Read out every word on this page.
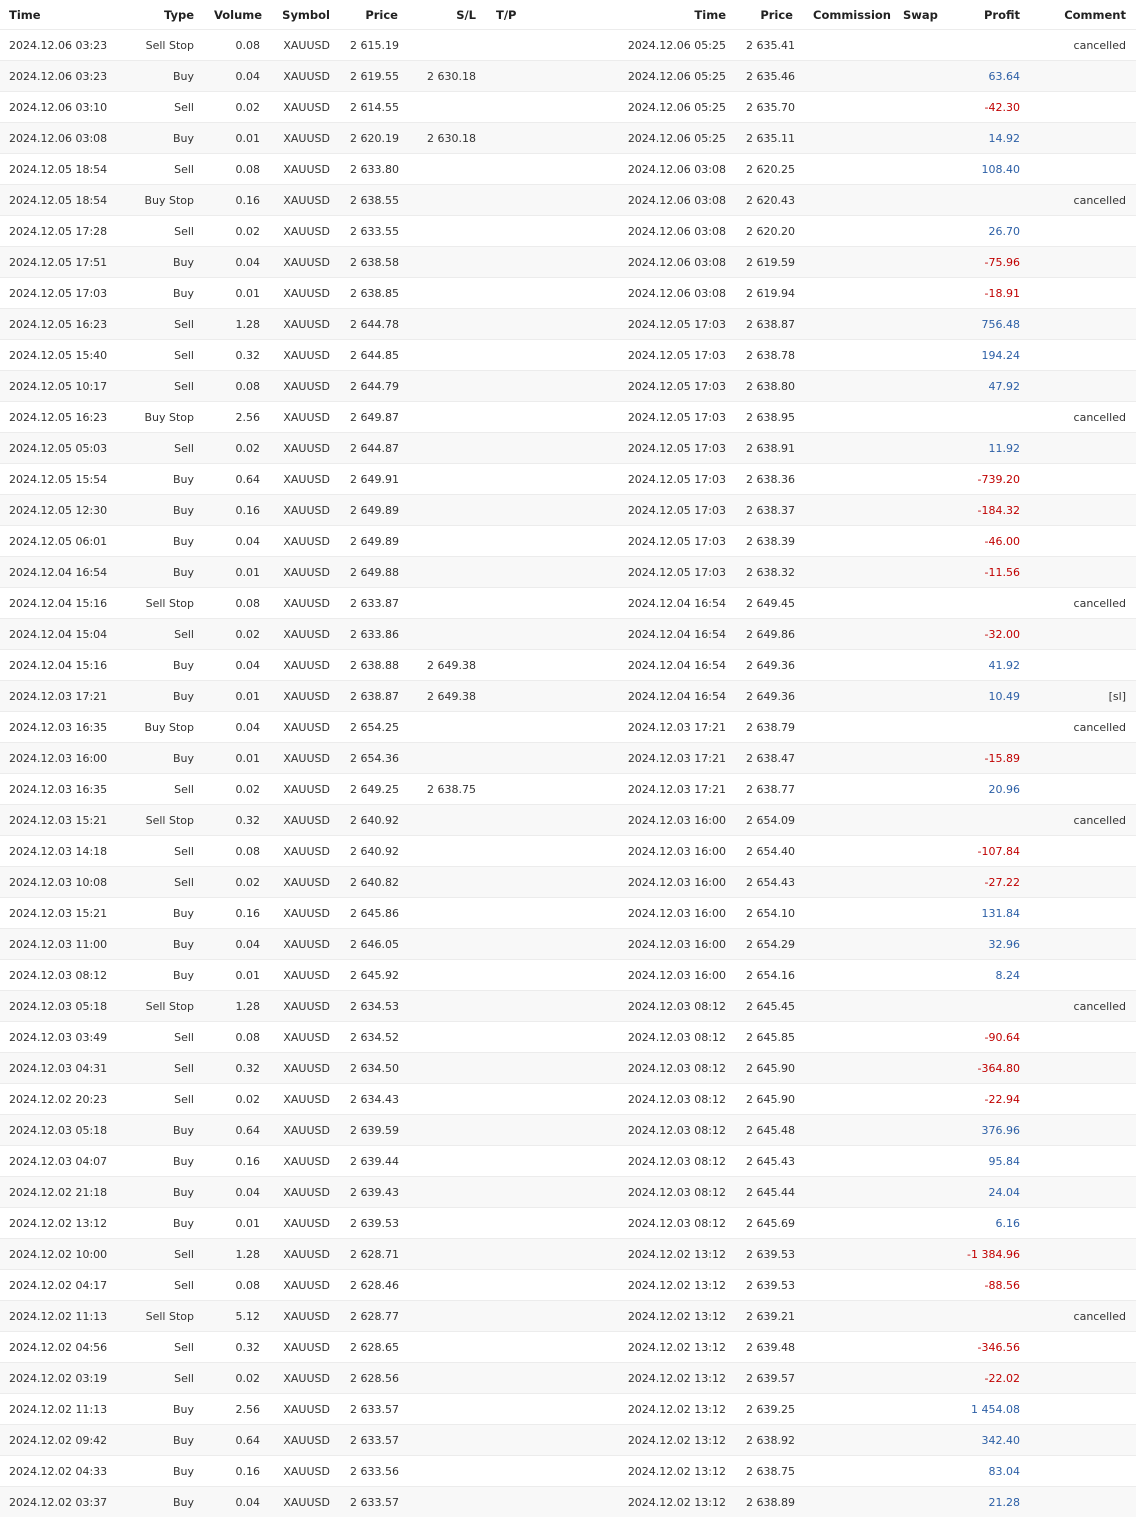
Time	Type	Volume	Symbol	Price	S/L	T/P	Time	Price	Commission	Swap	Profit	Comment
2024.12.06 03:23	Sell Stop	0.08	XAUUSD	2 615.19			2024.12.06 05:25	2 635.41				cancelled
2024.12.06 03:23	Buy	0.04	XAUUSD	2 619.55	2 630.18		2024.12.06 05:25	2 635.46			63.64	
2024.12.06 03:10	Sell	0.02	XAUUSD	2 614.55			2024.12.06 05:25	2 635.70			-42.30	
2024.12.06 03:08	Buy	0.01	XAUUSD	2 620.19	2 630.18		2024.12.06 05:25	2 635.11			14.92	
2024.12.05 18:54	Sell	0.08	XAUUSD	2 633.80			2024.12.06 03:08	2 620.25			108.40	
2024.12.05 18:54	Buy Stop	0.16	XAUUSD	2 638.55			2024.12.06 03:08	2 620.43				cancelled
2024.12.05 17:28	Sell	0.02	XAUUSD	2 633.55			2024.12.06 03:08	2 620.20			26.70	
2024.12.05 17:51	Buy	0.04	XAUUSD	2 638.58			2024.12.06 03:08	2 619.59			-75.96	
2024.12.05 17:03	Buy	0.01	XAUUSD	2 638.85			2024.12.06 03:08	2 619.94			-18.91	
2024.12.05 16:23	Sell	1.28	XAUUSD	2 644.78			2024.12.05 17:03	2 638.87			756.48	
2024.12.05 15:40	Sell	0.32	XAUUSD	2 644.85			2024.12.05 17:03	2 638.78			194.24	
2024.12.05 10:17	Sell	0.08	XAUUSD	2 644.79			2024.12.05 17:03	2 638.80			47.92	
2024.12.05 16:23	Buy Stop	2.56	XAUUSD	2 649.87			2024.12.05 17:03	2 638.95				cancelled
2024.12.05 05:03	Sell	0.02	XAUUSD	2 644.87			2024.12.05 17:03	2 638.91			11.92	
2024.12.05 15:54	Buy	0.64	XAUUSD	2 649.91			2024.12.05 17:03	2 638.36			-739.20	
2024.12.05 12:30	Buy	0.16	XAUUSD	2 649.89			2024.12.05 17:03	2 638.37			-184.32	
2024.12.05 06:01	Buy	0.04	XAUUSD	2 649.89			2024.12.05 17:03	2 638.39			-46.00	
2024.12.04 16:54	Buy	0.01	XAUUSD	2 649.88			2024.12.05 17:03	2 638.32			-11.56	
2024.12.04 15:16	Sell Stop	0.08	XAUUSD	2 633.87			2024.12.04 16:54	2 649.45				cancelled
2024.12.04 15:04	Sell	0.02	XAUUSD	2 633.86			2024.12.04 16:54	2 649.86			-32.00	
2024.12.04 15:16	Buy	0.04	XAUUSD	2 638.88	2 649.38		2024.12.04 16:54	2 649.36			41.92	
2024.12.03 17:21	Buy	0.01	XAUUSD	2 638.87	2 649.38		2024.12.04 16:54	2 649.36			10.49	[sl]
2024.12.03 16:35	Buy Stop	0.04	XAUUSD	2 654.25			2024.12.03 17:21	2 638.79				cancelled
2024.12.03 16:00	Buy	0.01	XAUUSD	2 654.36			2024.12.03 17:21	2 638.47			-15.89	
2024.12.03 16:35	Sell	0.02	XAUUSD	2 649.25	2 638.75		2024.12.03 17:21	2 638.77			20.96	
2024.12.03 15:21	Sell Stop	0.32	XAUUSD	2 640.92			2024.12.03 16:00	2 654.09				cancelled
2024.12.03 14:18	Sell	0.08	XAUUSD	2 640.92			2024.12.03 16:00	2 654.40			-107.84	
2024.12.03 10:08	Sell	0.02	XAUUSD	2 640.82			2024.12.03 16:00	2 654.43			-27.22	
2024.12.03 15:21	Buy	0.16	XAUUSD	2 645.86			2024.12.03 16:00	2 654.10			131.84	
2024.12.03 11:00	Buy	0.04	XAUUSD	2 646.05			2024.12.03 16:00	2 654.29			32.96	
2024.12.03 08:12	Buy	0.01	XAUUSD	2 645.92			2024.12.03 16:00	2 654.16			8.24	
2024.12.03 05:18	Sell Stop	1.28	XAUUSD	2 634.53			2024.12.03 08:12	2 645.45				cancelled
2024.12.03 03:49	Sell	0.08	XAUUSD	2 634.52			2024.12.03 08:12	2 645.85			-90.64	
2024.12.03 04:31	Sell	0.32	XAUUSD	2 634.50			2024.12.03 08:12	2 645.90			-364.80	
2024.12.02 20:23	Sell	0.02	XAUUSD	2 634.43			2024.12.03 08:12	2 645.90			-22.94	
2024.12.03 05:18	Buy	0.64	XAUUSD	2 639.59			2024.12.03 08:12	2 645.48			376.96	
2024.12.03 04:07	Buy	0.16	XAUUSD	2 639.44			2024.12.03 08:12	2 645.43			95.84	
2024.12.02 21:18	Buy	0.04	XAUUSD	2 639.43			2024.12.03 08:12	2 645.44			24.04	
2024.12.02 13:12	Buy	0.01	XAUUSD	2 639.53			2024.12.03 08:12	2 645.69			6.16	
2024.12.02 10:00	Sell	1.28	XAUUSD	2 628.71			2024.12.02 13:12	2 639.53			-1 384.96	
2024.12.02 04:17	Sell	0.08	XAUUSD	2 628.46			2024.12.02 13:12	2 639.53			-88.56	
2024.12.02 11:13	Sell Stop	5.12	XAUUSD	2 628.77			2024.12.02 13:12	2 639.21				cancelled
2024.12.02 04:56	Sell	0.32	XAUUSD	2 628.65			2024.12.02 13:12	2 639.48			-346.56	
2024.12.02 03:19	Sell	0.02	XAUUSD	2 628.56			2024.12.02 13:12	2 639.57			-22.02	
2024.12.02 11:13	Buy	2.56	XAUUSD	2 633.57			2024.12.02 13:12	2 639.25			1 454.08	
2024.12.02 09:42	Buy	0.64	XAUUSD	2 633.57			2024.12.02 13:12	2 638.92			342.40	
2024.12.02 04:33	Buy	0.16	XAUUSD	2 633.56			2024.12.02 13:12	2 638.75			83.04	
2024.12.02 03:37	Buy	0.04	XAUUSD	2 633.57			2024.12.02 13:12	2 638.89			21.28	
